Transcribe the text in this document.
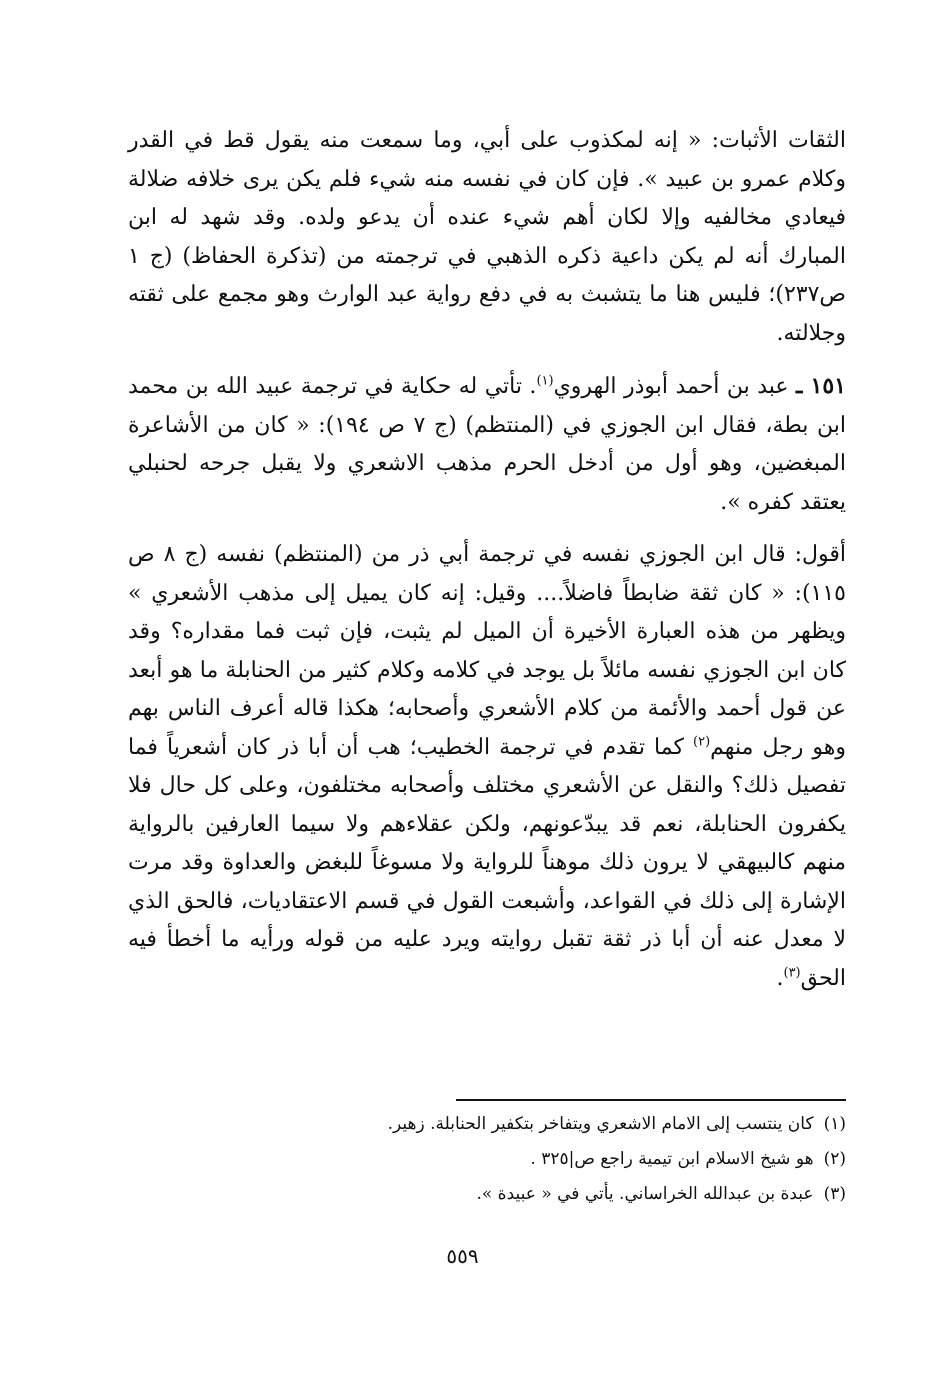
الثقات الأثبات: « إنه لمكذوب على أبي، وما سمعت منه يقول قط في القدر وكلام عمرو بن عبيد ». فإن كان في نفسه منه شيء فلم يكن يرى خلافه ضلالة فيعادي مخالفيه وإلا لكان أهم شيء عنده أن يدعو ولده. وقد شهد له ابن المبارك أنه لم يكن داعية ذكره الذهبي في ترجمته من (تذكرة الحفاظ) (ج ١ ص٢٣٧)؛ فليس هنا ما يتشبث به في دفع رواية عبد الوارث وهو مجمع على ثقته وجلالته.

١٥١ ـ عبد بن أحمد أبوذر الهروي$^{(١)}$. تأتي له حكاية في ترجمة عبيد الله بن محمد ابن بطة، فقال ابن الجوزي في (المنتظم) (ج ٧ ص ١٩٤): « كان من الأشاعرة المبغضين، وهو أول من أدخل الحرم مذهب الاشعري ولا يقبل جرحه لحنبلي يعتقد كفره ».

أقول: قال ابن الجوزي نفسه في ترجمة أبي ذر من (المنتظم) نفسه (ج ٨ ص ١١٥): « كان ثقة ضابطاً فاضلاً.... وقيل: إنه كان يميل إلى مذهب الأشعري » ويظهر من هذه العبارة الأخيرة أن الميل لم يثبت، فإن ثبت فما مقداره؟ وقد كان ابن الجوزي نفسه مائلاً بل يوجد في كلامه وكلام كثير من الحنابلة ما هو أبعد عن قول أحمد والأئمة من كلام الأشعري وأصحابه؛ هكذا قاله أعرف الناس بهم وهو رجل منهم$^{(٢)}$ كما تقدم في ترجمة الخطيب؛ هب أن أبا ذر كان أشعرياً فما تفصيل ذلك؟ والنقل عن الأشعري مختلف وأصحابه مختلفون، وعلى كل حال فلا يكفرون الحنابلة، نعم قد يبدّعونهم، ولكن عقلاءهم ولا سيما العارفين بالرواية منهم كالبيهقي لا يرون ذلك موهناً للرواية ولا مسوغاً للبغض والعداوة وقد مرت الإشارة إلى ذلك في القواعد، وأشبعت القول في قسم الاعتقاديات، فالحق الذي لا معدل عنه أن أبا ذر ثقة تقبل روايته ويرد عليه من قوله ورأيه ما أخطأ فيه الحق$^{(٣)}$.

(١)كان ينتسب إلى الامام الاشعري ويتفاخر بتكفير الحنابلة. زهير.
(٢)هو شيخ الاسلام ابن تيمية راجع ص|٣٢٥ .
(٣)عبدة بن عبدالله الخراساني. يأتي في « عبيدة ».
٥٥٩
